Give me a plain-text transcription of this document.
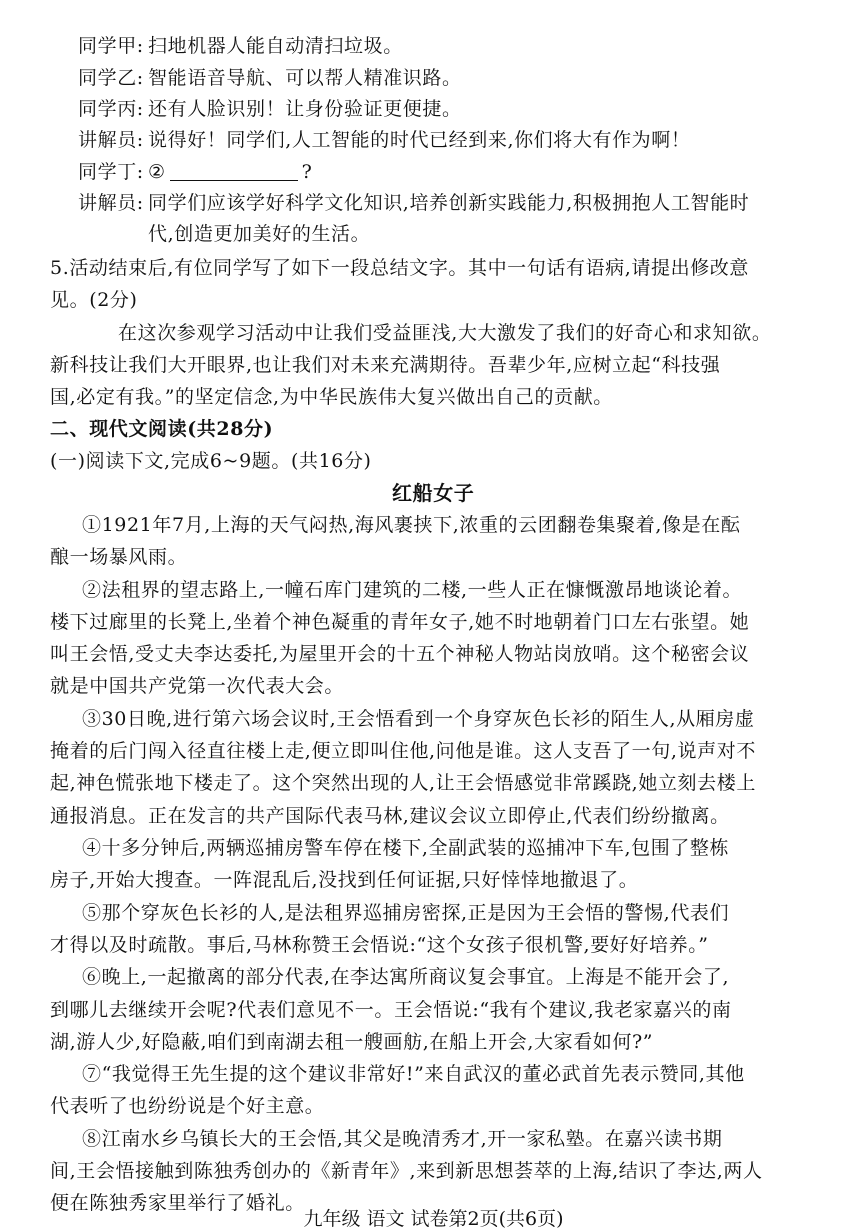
同学甲: 扫地机器人能自动清扫垃圾。
同学乙: 智能语音导航、可以帮人精准识路。
同学丙: 还有人脸识别！让身份验证更便捷。
讲解员: 说得好！同学们,人工智能的时代已经到来,你们将大有作为啊！
同学丁: ②	?
讲解员: 同学们应该学好科学文化知识,培养创新实践能力,积极拥抱人工智能时
代,创造更加美好的生活。
5.活动结束后,有位同学写了如下一段总结文字。其中一句话有语病,请提出修改意
见。(2分)
在这次参观学习活动中让我们受益匪浅,大大激发了我们的好奇心和求知欲。
新科技让我们大开眼界,也让我们对未来充满期待。吾辈少年,应树立起“科技强
国,必定有我。”的坚定信念,为中华民族伟大复兴做出自己的贡献。
二、现代文阅读(共28分)
(一)阅读下文,完成6~9题。(共16分)
红船女子
①1921年7月,上海的天气闷热,海风裹挟下,浓重的云团翻卷集聚着,像是在酝
酿一场暴风雨。
②法租界的望志路上,一幢石库门建筑的二楼,一些人正在慷慨激昂地谈论着。
楼下过廊里的长凳上,坐着个神色凝重的青年女子,她不时地朝着门口左右张望。她
叫王会悟,受丈夫李达委托,为屋里开会的十五个神秘人物站岗放哨。这个秘密会议
就是中国共产党第一次代表大会。
③30日晚,进行第六场会议时,王会悟看到一个身穿灰色长衫的陌生人,从厢房虚
掩着的后门闯入径直往楼上走,便立即叫住他,问他是谁。这人支吾了一句,说声对不
起,神色慌张地下楼走了。这个突然出现的人,让王会悟感觉非常蹊跷,她立刻去楼上
通报消息。正在发言的共产国际代表马林,建议会议立即停止,代表们纷纷撤离。
④十多分钟后,两辆巡捕房警车停在楼下,全副武装的巡捕冲下车,包围了整栋
房子,开始大搜查。一阵混乱后,没找到任何证据,只好悻悻地撤退了。
⑤那个穿灰色长衫的人,是法租界巡捕房密探,正是因为王会悟的警惕,代表们
才得以及时疏散。事后,马林称赞王会悟说:“这个女孩子很机警,要好好培养。”
⑥晚上,一起撤离的部分代表,在李达寓所商议复会事宜。上海是不能开会了,
到哪儿去继续开会呢?代表们意见不一。王会悟说:“我有个建议,我老家嘉兴的南
湖,游人少,好隐蔽,咱们到南湖去租一艘画舫,在船上开会,大家看如何?”
⑦“我觉得王先生提的这个建议非常好!”来自武汉的董必武首先表示赞同,其他
代表听了也纷纷说是个好主意。
⑧江南水乡乌镇长大的王会悟,其父是晚清秀才,开一家私塾。在嘉兴读书期
间,王会悟接触到陈独秀创办的《新青年》,来到新思想荟萃的上海,结识了李达,两人
便在陈独秀家里举行了婚礼。
九年级 语文 试卷第2页(共6页)
